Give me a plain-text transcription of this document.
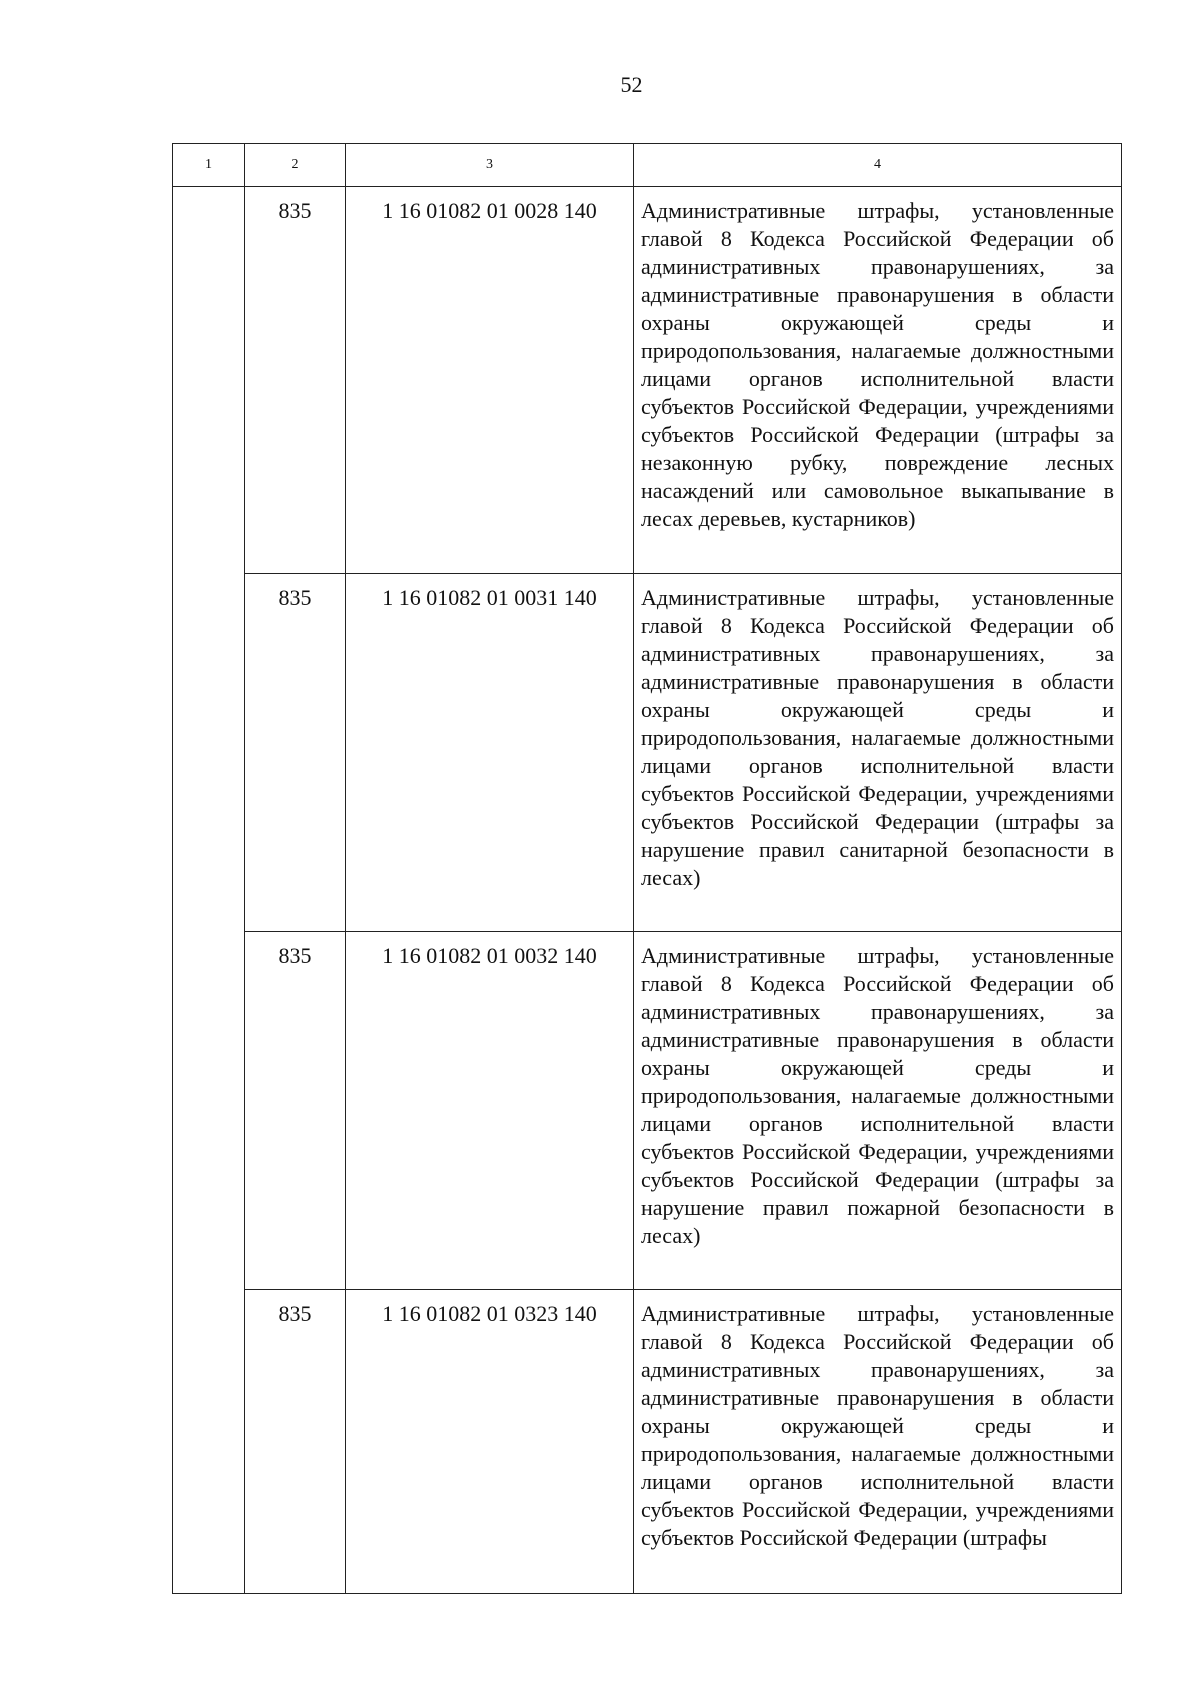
52
1	2	3	4
	835	1 16 01082 01 0028 140	Административные штрафы, установленные главой 8 Кодекса Российской Федерации об административных правонарушениях, за административные правонарушения в области охраны окружающей среды и природопользования, налагаемые должностными лицами органов исполнительной власти субъектов Российской Федерации, учреждениями субъектов Российской Федерации (штрафы за незаконную рубку, повреждение лесных насаждений или самовольное выкапывание в лесах деревьев, кустарников)
	835	1 16 01082 01 0031 140	Административные штрафы, установленные главой 8 Кодекса Российской Федерации об административных правонарушениях, за административные правонарушения в области охраны окружающей среды и природопользования, налагаемые должностными лицами органов исполнительной власти субъектов Российской Федерации, учреждениями субъектов Российской Федерации (штрафы за нарушение правил санитарной безопасности в лесах)
	835	1 16 01082 01 0032 140	Административные штрафы, установленные главой 8 Кодекса Российской Федерации об административных правонарушениях, за административные правонарушения в области охраны окружающей среды и природопользования, налагаемые должностными лицами органов исполнительной власти субъектов Российской Федерации, учреждениями субъектов Российской Федерации (штрафы за нарушение правил пожарной безопасности в лесах)
	835	1 16 01082 01 0323 140	Административные штрафы, установленные главой 8 Кодекса Российской Федерации об административных правонарушениях, за административные правонарушения в области охраны окружающей среды и природопользования, налагаемые должностными лицами органов исполнительной власти субъектов Российской Федерации, учреждениями субъектов Российской Федерации (штрафы
